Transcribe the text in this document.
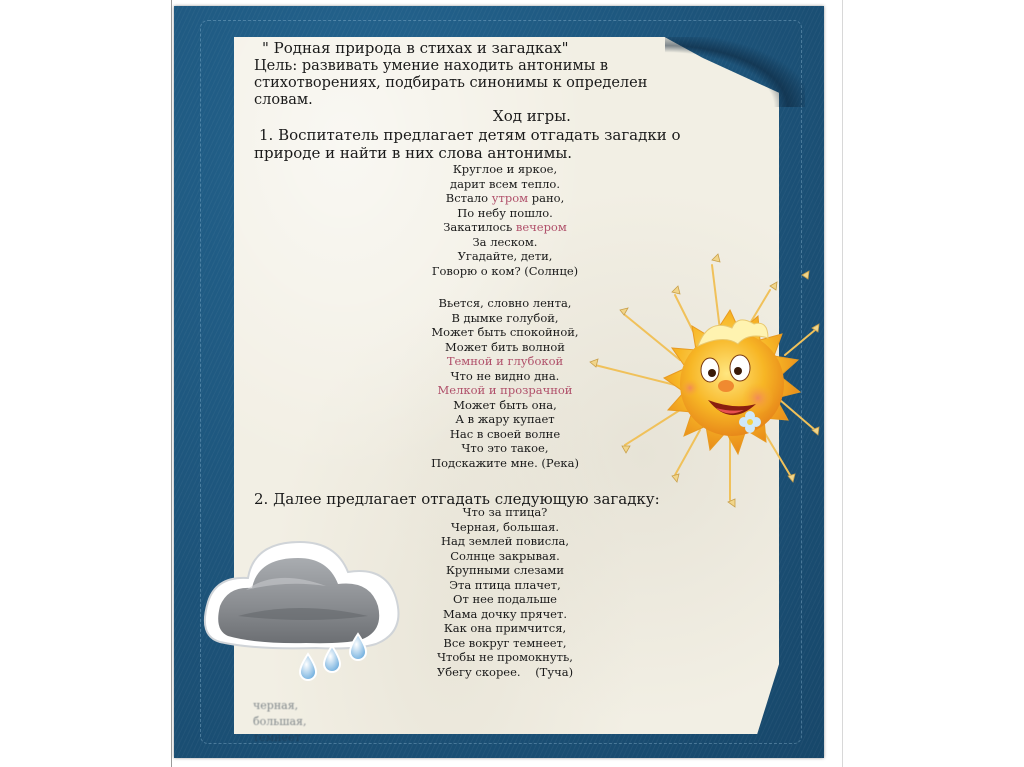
" Родная природа в стихах и загадках"
Цель: развивать умение находить антонимы в
стихотворениях, подбирать синонимы к определен
словам.
Ход игры.
1. Воспитатель предлагает детям отгадать загадки о
природе и найти в них слова антонимы.
Круглое и яркое,
дарит всем тепло.
Встало утром рано,
По небу пошло.
Закатилось вечером
За леском.
Угадайте, дети,
Говорю о ком? (Солнце)
Вьется, словно лента,
В дымке голубой,
Может быть спокойной,
Может бить волной
Темной и глубокой
Что не видно дна.
Мелкой и прозрачной
Может быть она,
А в жару купает
Нас в своей волне
Что это такое,
Подскажите мне. (Река)
2. Далее предлагает отгадать следующую загадку:
Что за птица?
Черная, большая.
Над землей повисла,
Солнце закрывая.
Крупными слезами
Эта птица плачет,
От нее подальше
Мама дочку прячет.
Как она примчится,
Все вокруг темнеет,
Чтобы не промокнуть,
Убегу скорее.    (Туча)
черная,
большая,
темнеет
